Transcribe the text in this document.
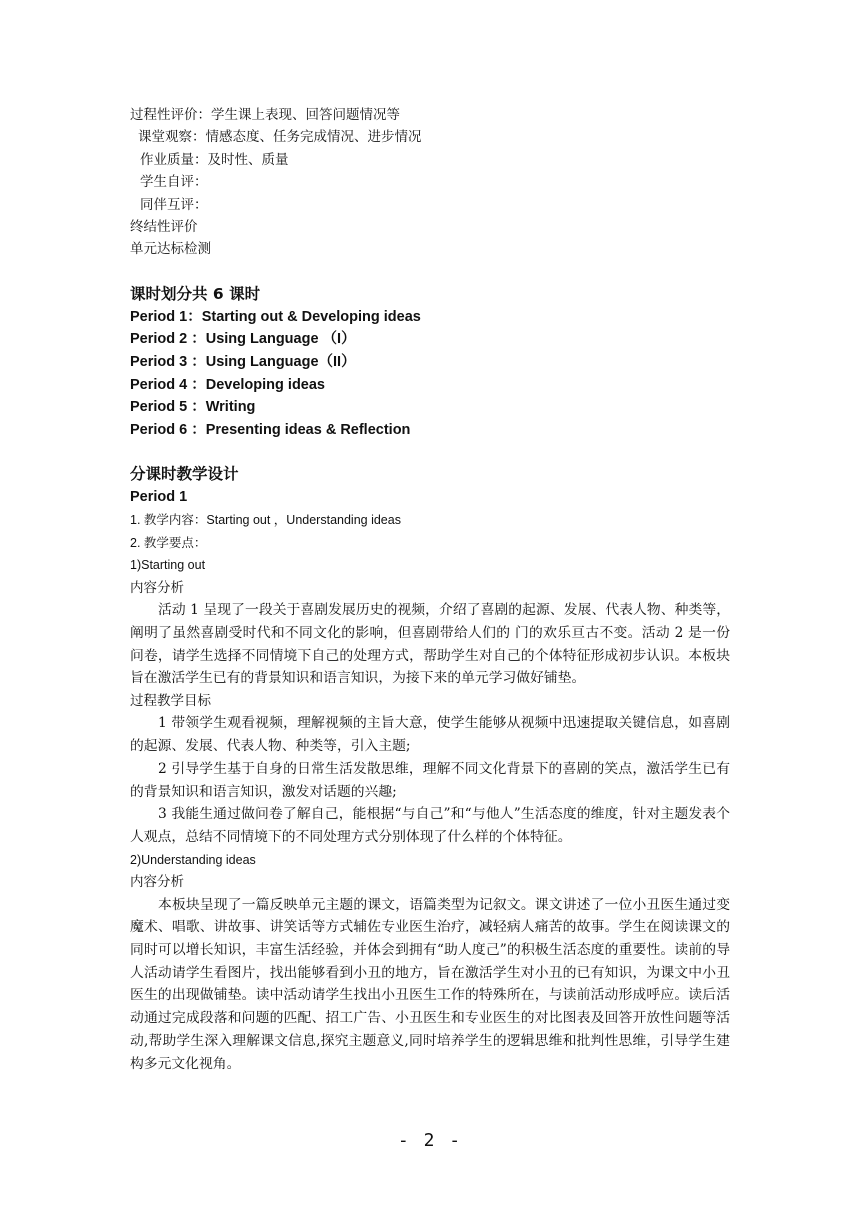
过程性评价：学生课上表现、回答问题情况等
课堂观察：情感态度、任务完成情况、进步情况
作业质量：及时性、质量
学生自评：
同伴互评：
终结性评价
单元达标检测
课时划分共 6 课时
Period 1：Starting out & Developing ideas
Period 2 ：Using Language （I）
Period 3 ：Using Language（II）
Period 4 ：Developing ideas
Period 5 ：Writing
Period 6 ：Presenting ideas & Reflection
分课时教学设计
Period 1
1. 教学内容：Starting out ，Understanding ideas
2. 教学要点：
1)Starting out
内容分析
活动 1 呈现了一段关于喜剧发展历史的视频，介绍了喜剧的起源、发展、代表人物、种类等，阐明了虽然喜剧受时代和不同文化的影响，但喜剧带给人们的 门的欢乐亘古不变。活动 2 是一份问卷，请学生选择不同情境下自己的处理方式，帮助学生对自己的个体特征形成初步认识。本板块旨在激活学生已有的背景知识和语言知识，为接下来的单元学习做好铺垫。
过程教学目标
1 带领学生观看视频，理解视频的主旨大意，使学生能够从视频中迅速提取关键信息，如喜剧的起源、发展、代表人物、种类等，引入主题;
2 引导学生基于自身的日常生活发散思维，理解不同文化背景下的喜剧的笑点，激活学生已有的背景知识和语言知识，激发对话题的兴趣;
3 我能生通过做问卷了解自己，能根据“与自己”和“与他人”生活态度的维度，针对主题发表个人观点，总结不同情境下的不同处理方式分别体现了什么样的个体特征。
2)Understanding ideas
内容分析
本板块呈现了一篇反映单元主题的课文，语篇类型为记叙文。课文讲述了一位小丑医生通过变魔术、唱歌、讲故事、讲笑话等方式辅佐专业医生治疗，减轻病人痛苦的故事。学生在阅读课文的同时可以增长知识，丰富生活经验，并体会到拥有“助人度己”的积极生活态度的重要性。读前的导人活动请学生看图片，找出能够看到小丑的地方，旨在激活学生对小丑的已有知识，为课文中小丑医生的出现做铺垫。读中活动请学生找出小丑医生工作的特殊所在，与读前活动形成呼应。读后活动通过完成段落和问题的匹配、招工广告、小丑医生和专业医生的对比图表及回答开放性问题等活动,帮助学生深入理解课文信息,探究主题意义,同时培养学生的逻辑思维和批判性思维，引导学生建构多元文化视角。
- 2 -
